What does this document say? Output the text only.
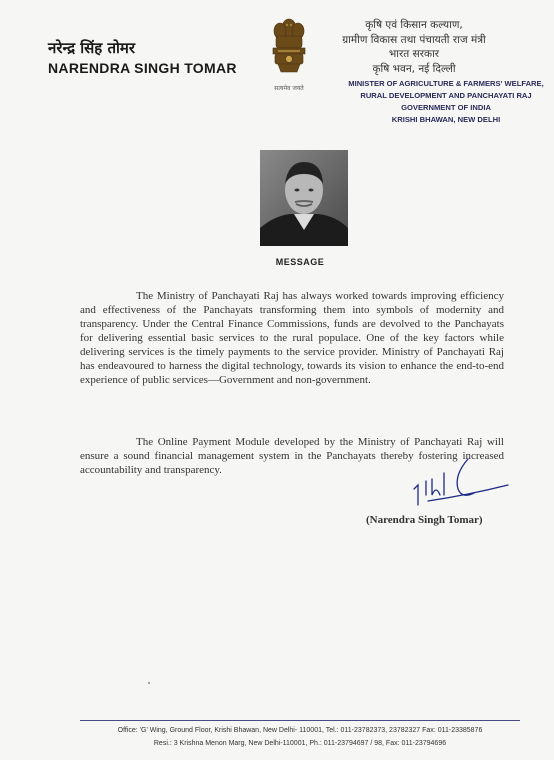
नरेन्द्र सिंह तोमर
NARENDRA SINGH TOMAR
सत्यमेव जयते
कृषि एवं किसान कल्याण,
ग्रामीण विकास तथा पंचायती राज मंत्री
भारत सरकार
कृषि भवन, नई दिल्ली
MINISTER OF AGRICULTURE & FARMERS' WELFARE,
RURAL DEVELOPMENT AND PANCHAYATI RAJ
GOVERNMENT OF INDIA
KRISHI BHAWAN, NEW DELHI
MESSAGE

The Ministry of Panchayati Raj has always worked towards improving efficiency and effectiveness of the Panchayats transforming them into symbols of modernity and transparency. Under the Central Finance Commissions, funds are devolved to the Panchayats for delivering essential basic services to the rural populace. One of the key factors while delivering services is the timely payments to the service provider. Ministry of Panchayati Raj has endeavoured to harness the digital technology, towards its vision to enhance the end-to-end experience of public services—Government and non-government.

The Online Payment Module developed by the Ministry of Panchayati Raj will ensure a sound financial management system in the Panchayats thereby fostering increased accountability and transparency.

(Narendra Singh Tomar)
Office: 'G' Wing, Ground Floor, Krishi Bhawan, New Delhi- 110001, Tel.: 011-23782373, 23782327 Fax: 011-23385876
Resi.: 3 Krishna Menon Marg, New Delhi-110001, Ph.: 011-23794697 / 98, Fax: 011-23794696
